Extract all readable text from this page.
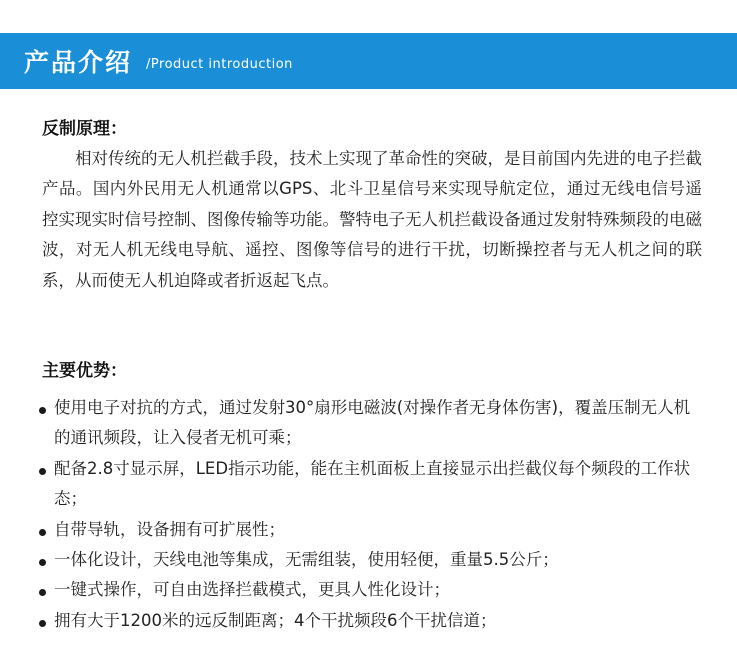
产品介绍 /Product introduction
反制原理：

相对传统的无人机拦截手段，技术上实现了革命性的突破，是目前国内先进的电子拦截产品。国内外民用无人机通常以GPS、北斗卫星信号来实现导航定位，通过无线电信号遥控实现实时信号控制、图像传输等功能。警特电子无人机拦截设备通过发射特殊频段的电磁波，对无人机无线电导航、遥控、图像等信号的进行干扰，切断操控者与无人机之间的联系，从而使无人机迫降或者折返起飞点。

主要优势：
使用电子对抗的方式，通过发射30°扇形电磁波(对操作者无身体伤害)，覆盖压制无人机的通讯频段，让入侵者无机可乘；
配备2.8寸显示屏，LED指示功能，能在主机面板上直接显示出拦截仪每个频段的工作状态；
自带导轨，设备拥有可扩展性；
一体化设计，天线电池等集成，无需组装，使用轻便，重量5.5公斤；
一键式操作，可自由选择拦截模式，更具人性化设计；
拥有大于1200米的远反制距离；4个干扰频段6个干扰信道；
